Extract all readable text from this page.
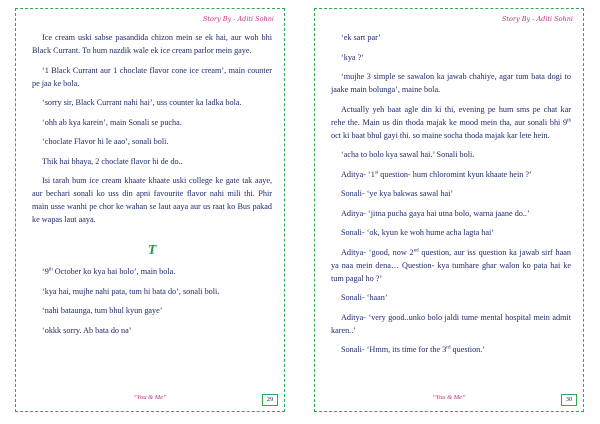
Story By - Aditi Sohni

Ice cream uski sabse pasandida chizon mein se ek hai, aur woh bhi Black Currant. To hum nazdik wale ek ice cream parlor mein gaye.

‘1 Black Currant aur 1 choclate flavor cone ice cream’, main counter pe jaa ke bola.

‘sorry sir, Black Currant nahi hai’, uss counter ka ladka bola.

‘ohh ab kya karein’, main Sonali se pucha.

‘choclate Flavor hi le aao’, sonali boli.

Thik hai bhaya, 2 choclate flavor hi de do..

Isi tarah hum ice cream khaate khaate uski college ke gate tak aaye, aur bechari sonali ko uss din apni favourite flavor nahi mili thi. Phir main usse wanhi pe chor ke wahan se laut aaya aur us raat ko Bus pakad ke wapas laut aaya.

T

‘9th October ko kya hai bolo’, main bola.

‘kya hai, mujhe nahi pata, tum hi bata do’, sonali boli.

‘nahi bataunga, tum bhul kyun gaye’

‘okkk sorry. Ab bata do na’

“You & Me”	29
Story By - Aditi Sohni

‘ek sart par’

‘kya ?’

‘mujhe 3 simple se sawalon ka jawab chahiye, agar tum bata dogi to jaake main bolunga’, maine bola.

Actually yeh baat agle din ki thi, evening pe hum sms pe chat kar rehe the. Main us din thoda majak ke mood mein tha, aur sonali bhi 9th oct ki baat bhul gayi thi. so maine socha thoda majak kar lete hein.

‘acha to bolo kya sawal hai.’ Sonali boli.

Aditya- ‘1st question- hum chloromint kyun khaate hein ?’

Sonali- ‘ye kya bakwas sawal hai’

Aditya- ‘jitna pucha gaya hai utna bolo, warna jaane do..’

Sonali- ‘ok, kyun ke woh hume acha lagta hai’

Aditya- ‘good, now 2nd question, aur iss question ka jawab sirf haan ya naa mein dena… Question- kya tumhare ghar walon ko pata hai ke tum pagal ho ?’

Sonali- ‘haan’

Aditya- ‘very good..unko bolo jaldi tume mental hospital mein admit karen..’

Sonali- ‘Hmm, its time for the 3rd question.’

“You & Me”	30
